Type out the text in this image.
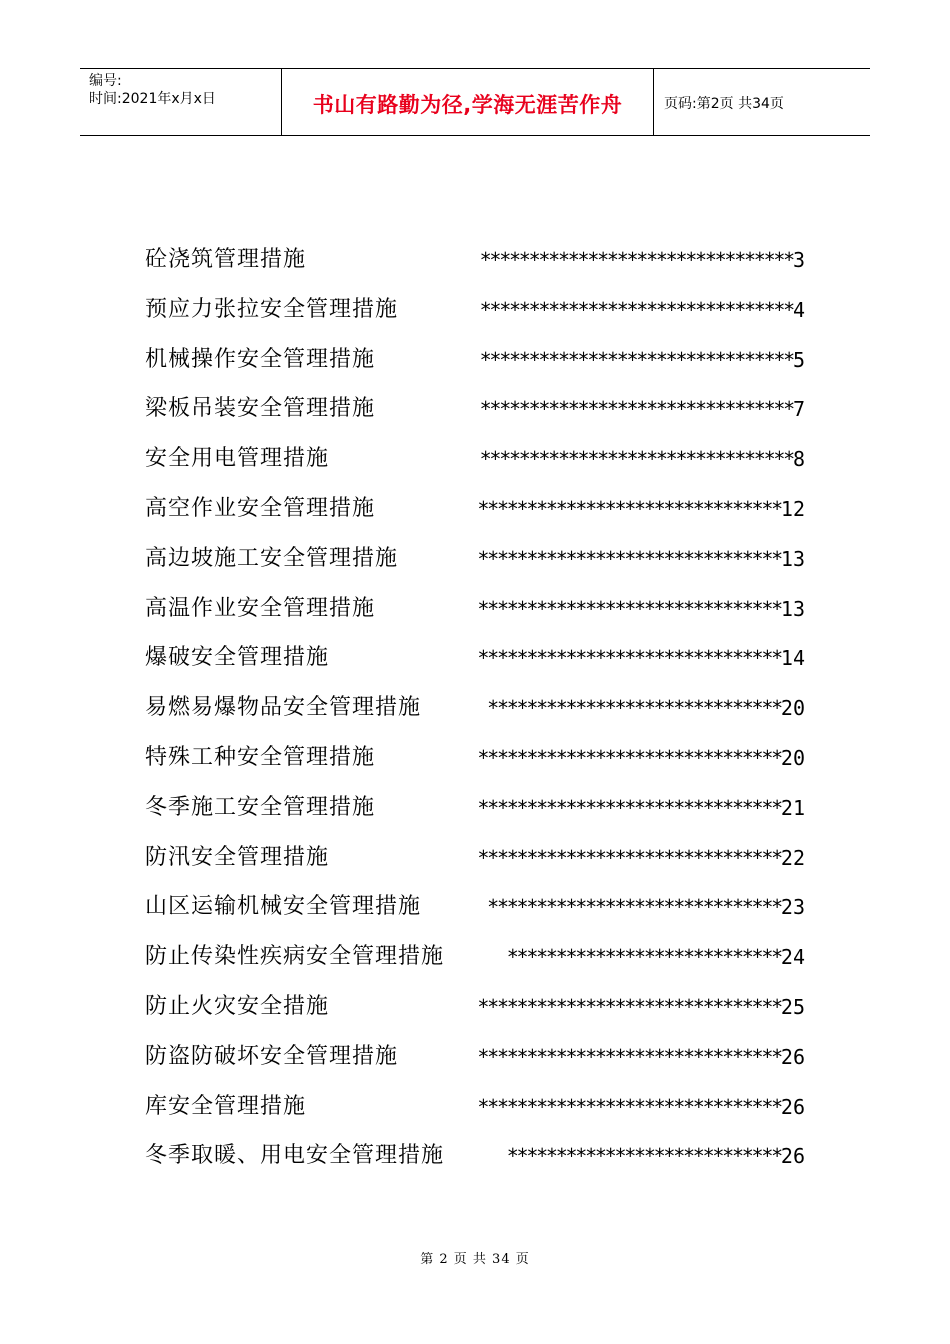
编号:
时间:2021年x月x日	书山有路勤为径,学海无涯苦作舟	页码:第2页 共34页
砼浇筑管理措施	********************************3
预应力张拉安全管理措施	********************************4
机械操作安全管理措施	********************************5
梁板吊装安全管理措施	********************************7
安全用电管理措施	********************************8
高空作业安全管理措施	*******************************12
高边坡施工安全管理措施	*******************************13
高温作业安全管理措施	*******************************13
爆破安全管理措施	*******************************14
易燃易爆物品安全管理措施	******************************20
特殊工种安全管理措施	*******************************20
冬季施工安全管理措施	*******************************21
防汛安全管理措施	*******************************22
山区运输机械安全管理措施	******************************23
防止传染性疾病安全管理措施	****************************24
防止火灾安全措施	*******************************25
防盗防破坏安全管理措施	*******************************26
库安全管理措施	*******************************26
冬季取暖、用电安全管理措施	****************************26
第 2 页 共 34 页
